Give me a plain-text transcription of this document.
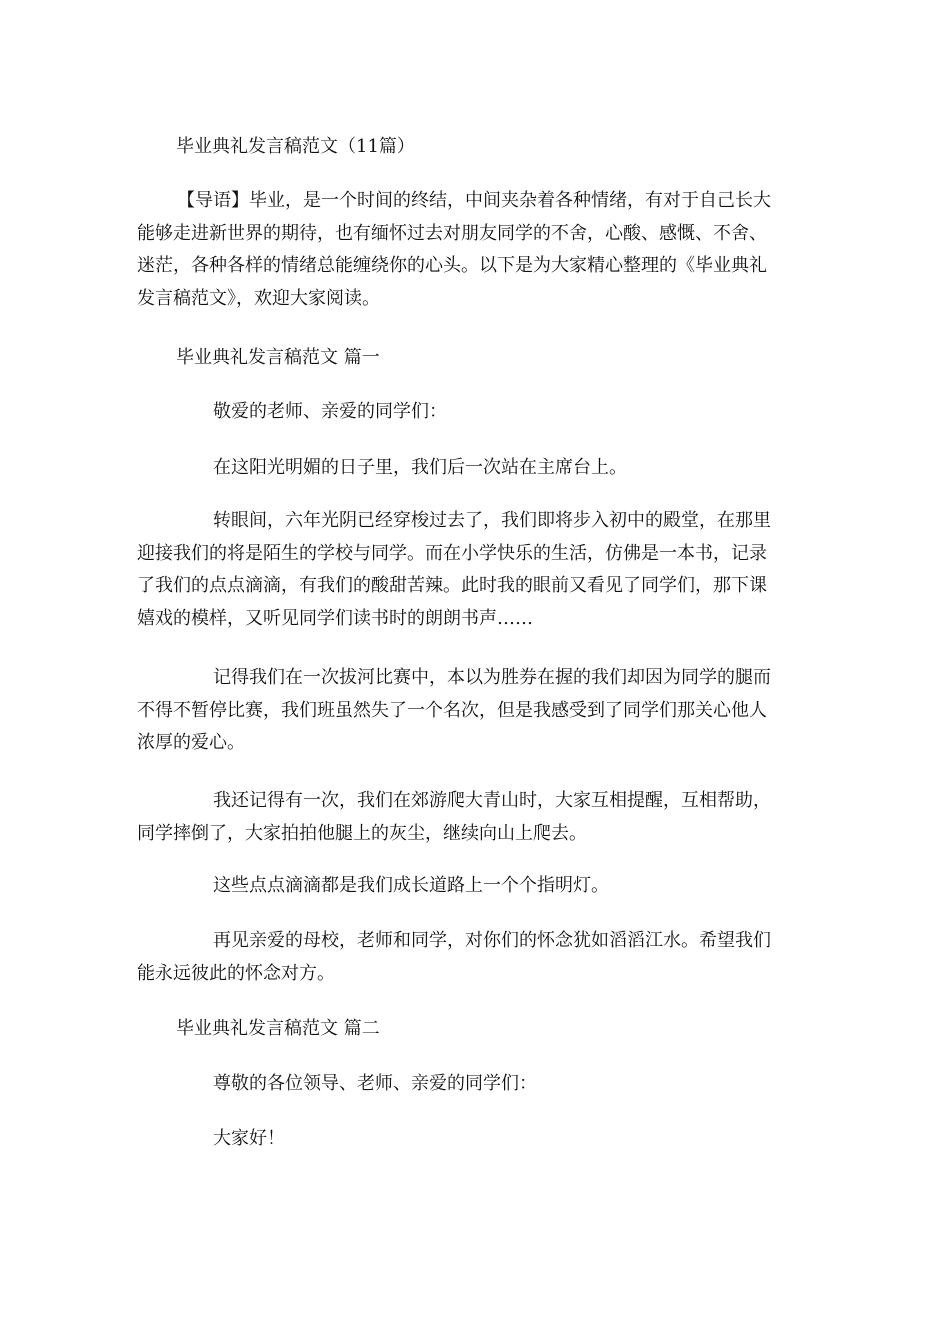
毕业典礼发言稿范文（11篇）

【导语】毕业，是一个时间的终结，中间夹杂着各种情绪，有对于自己长大
能够走进新世界的期待，也有缅怀过去对朋友同学的不舍，心酸、感慨、不舍、
迷茫，各种各样的情绪总能缠绕你的心头。以下是为大家精心整理的《毕业典礼
发言稿范文》，欢迎大家阅读。

毕业典礼发言稿范文 篇一

敬爱的老师、亲爱的同学们：

在这阳光明媚的日子里，我们后一次站在主席台上。

转眼间，六年光阴已经穿梭过去了，我们即将步入初中的殿堂，在那里
迎接我们的将是陌生的学校与同学。而在小学快乐的生活，仿佛是一本书，记录
了我们的点点滴滴，有我们的酸甜苦辣。此时我的眼前又看见了同学们，那下课
嬉戏的模样，又听见同学们读书时的朗朗书声……
记得我们在一次拔河比赛中，本以为胜券在握的我们却因为同学的腿而
不得不暂停比赛，我们班虽然失了一个名次，但是我感受到了同学们那关心他人
浓厚的爱心。
我还记得有一次，我们在郊游爬大青山时，大家互相提醒，互相帮助，
同学摔倒了，大家拍拍他腿上的灰尘，继续向山上爬去。

这些点点滴滴都是我们成长道路上一个个指明灯。

再见亲爱的母校，老师和同学，对你们的怀念犹如滔滔江水。希望我们
能永远彼此的怀念对方。

毕业典礼发言稿范文 篇二

尊敬的各位领导、老师、亲爱的同学们：

大家好！
